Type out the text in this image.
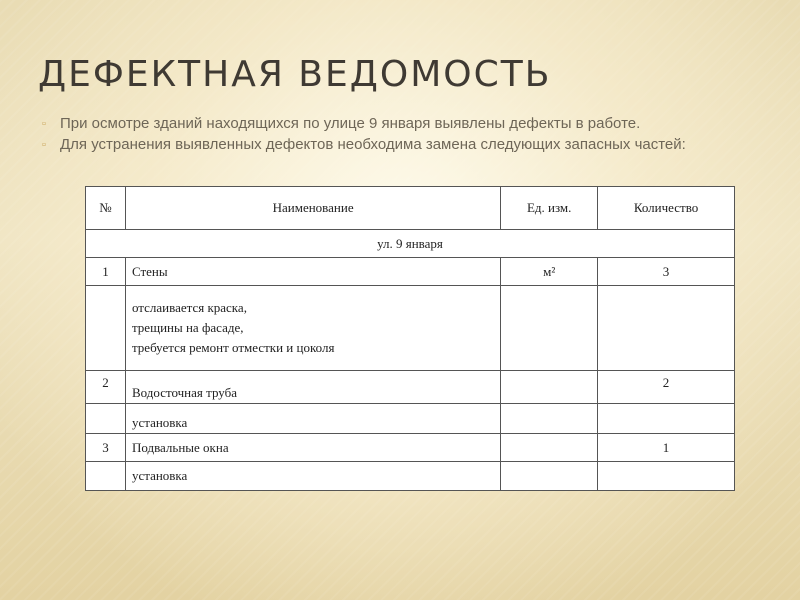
ДЕФЕКТНАЯ ВЕДОМОСТЬ
▫ При осмотре зданий находящихся по улице 9 января выявлены дефекты в работе.
▫ Для устранения выявленных дефектов необходима замена следующих запасных частей:
№	Наименование	Ед. изм.	Количество
ул. 9 января			
1	Стены	м²	3

	отслаивается краска,
трещины на фасаде,
требуется ремонт отместки и цоколя		

2	Водосточная труба		2
	установка		
3	Подвальные окна		1
	установка		
